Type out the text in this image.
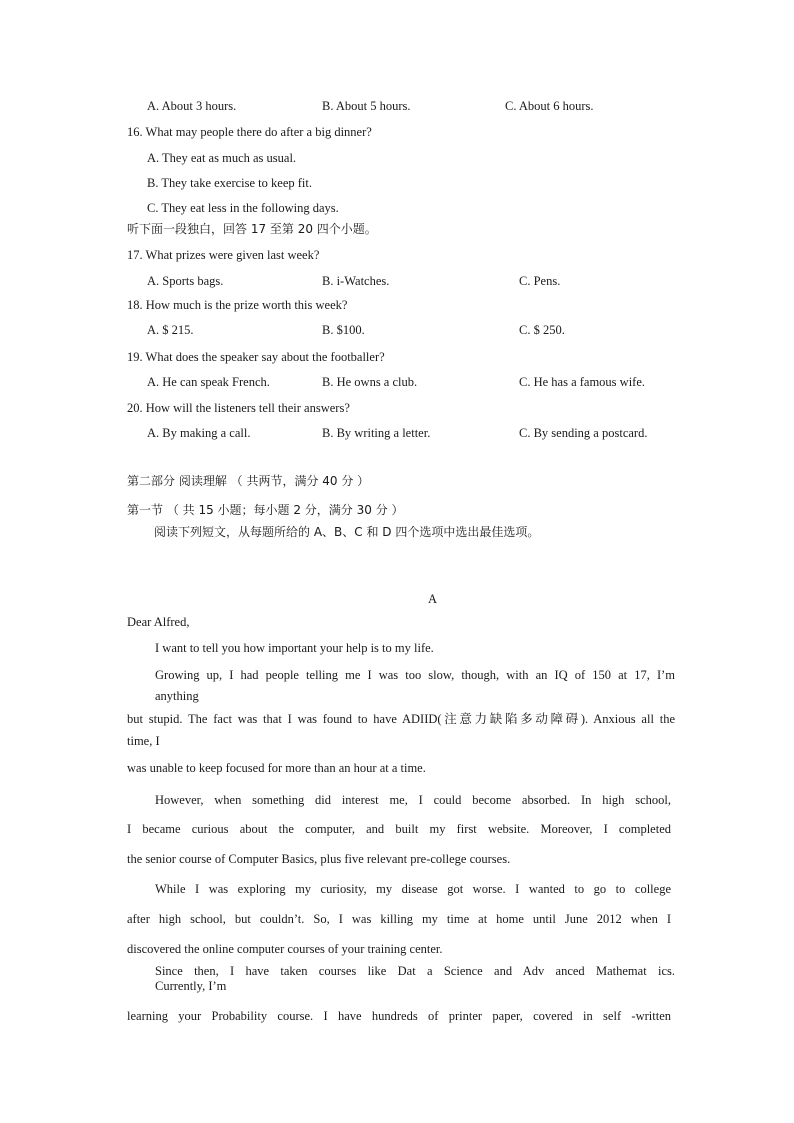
A. About 3 hours.	B. About 5 hours.	C. About 6 hours.
16. What may people there do after a big dinner?
A. They eat as much as usual.
B. They take exercise to keep fit.
C. They eat less in the following days.
听下面一段独白，回答 17 至第 20 四个小题。
17. What prizes were given last week?
A. Sports bags.	B. i-Watches.	C. Pens.
18. How much is the prize worth this week?
A. $ 215.	B. $100.	C. $ 250.
19. What does the speaker say about the footballer?
A. He can speak French.	B. He owns a club.	C. He has a famous wife.
20. How will the listeners tell their answers?
A. By making a call.	B. By writing a letter.	C. By sending a postcard.
第二部分 阅读理解 （ 共两节，满分 40 分 ）
第一节 （ 共 15 小题；每小题 2 分，满分 30 分 ）
阅读下列短文，从每题所给的 A、B、C 和 D 四个选项中选出最佳选项。
A
Dear Alfred,
I want to tell you how important your help is to my life.
Growing up, I had people telling me I was too slow, though, with an IQ of 150 at 17, I’m
anything
but stupid. The fact was that I was found to have ADIID(注意力缺陷多动障碍). Anxious all the
time, I
was unable to keep focused for more than an hour at a time.
However, when something did interest me, I could become absorbed. In high school,
I became curious about the computer, and built my first website. Moreover, I completed
the senior course of Computer Basics, plus five relevant pre-college courses.
While I was exploring my curiosity, my disease got worse. I wanted to go to college
after high school, but couldn’t. So, I was killing my time at home until June 2012 when I
discovered the online computer courses of your training center.
Since then, I have taken courses like Dat a Science and Adv anced Mathemat ics.
Currently, I’m
learning your Probability course. I have hundreds of printer paper, covered in self -written
